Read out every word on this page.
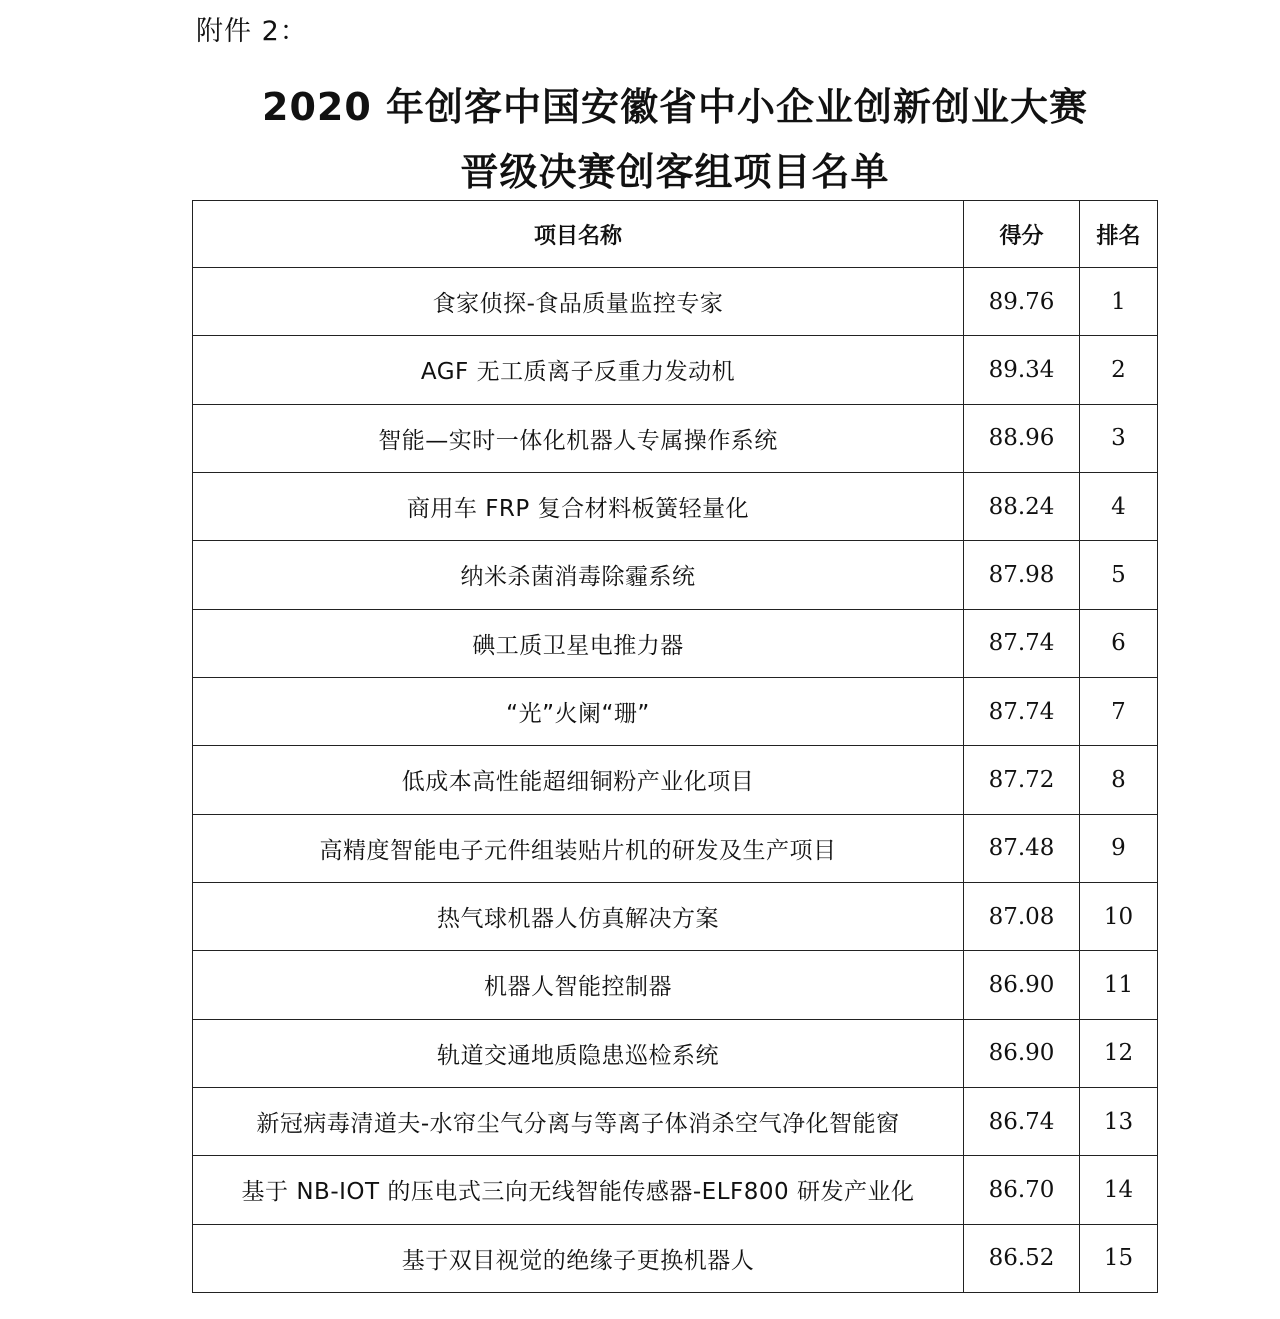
附件 2：
2020 年创客中国安徽省中小企业创新创业大赛
晋级决赛创客组项目名单
项目名称	得分	排名
食家侦探-食品质量监控专家	89.76	1
AGF 无工质离子反重力发动机	89.34	2
智能—实时一体化机器人专属操作系统	88.96	3
商用车 FRP 复合材料板簧轻量化	88.24	4
纳米杀菌消毒除霾系统	87.98	5
碘工质卫星电推力器	87.74	6
“光”火阑“珊”	87.74	7
低成本高性能超细铜粉产业化项目	87.72	8
高精度智能电子元件组装贴片机的研发及生产项目	87.48	9
热气球机器人仿真解决方案	87.08	10
机器人智能控制器	86.90	11
轨道交通地质隐患巡检系统	86.90	12
新冠病毒清道夫-水帘尘气分离与等离子体消杀空气净化智能窗	86.74	13
基于 NB-IOT 的压电式三向无线智能传感器-ELF800 研发产业化	86.70	14
基于双目视觉的绝缘子更换机器人	86.52	15
